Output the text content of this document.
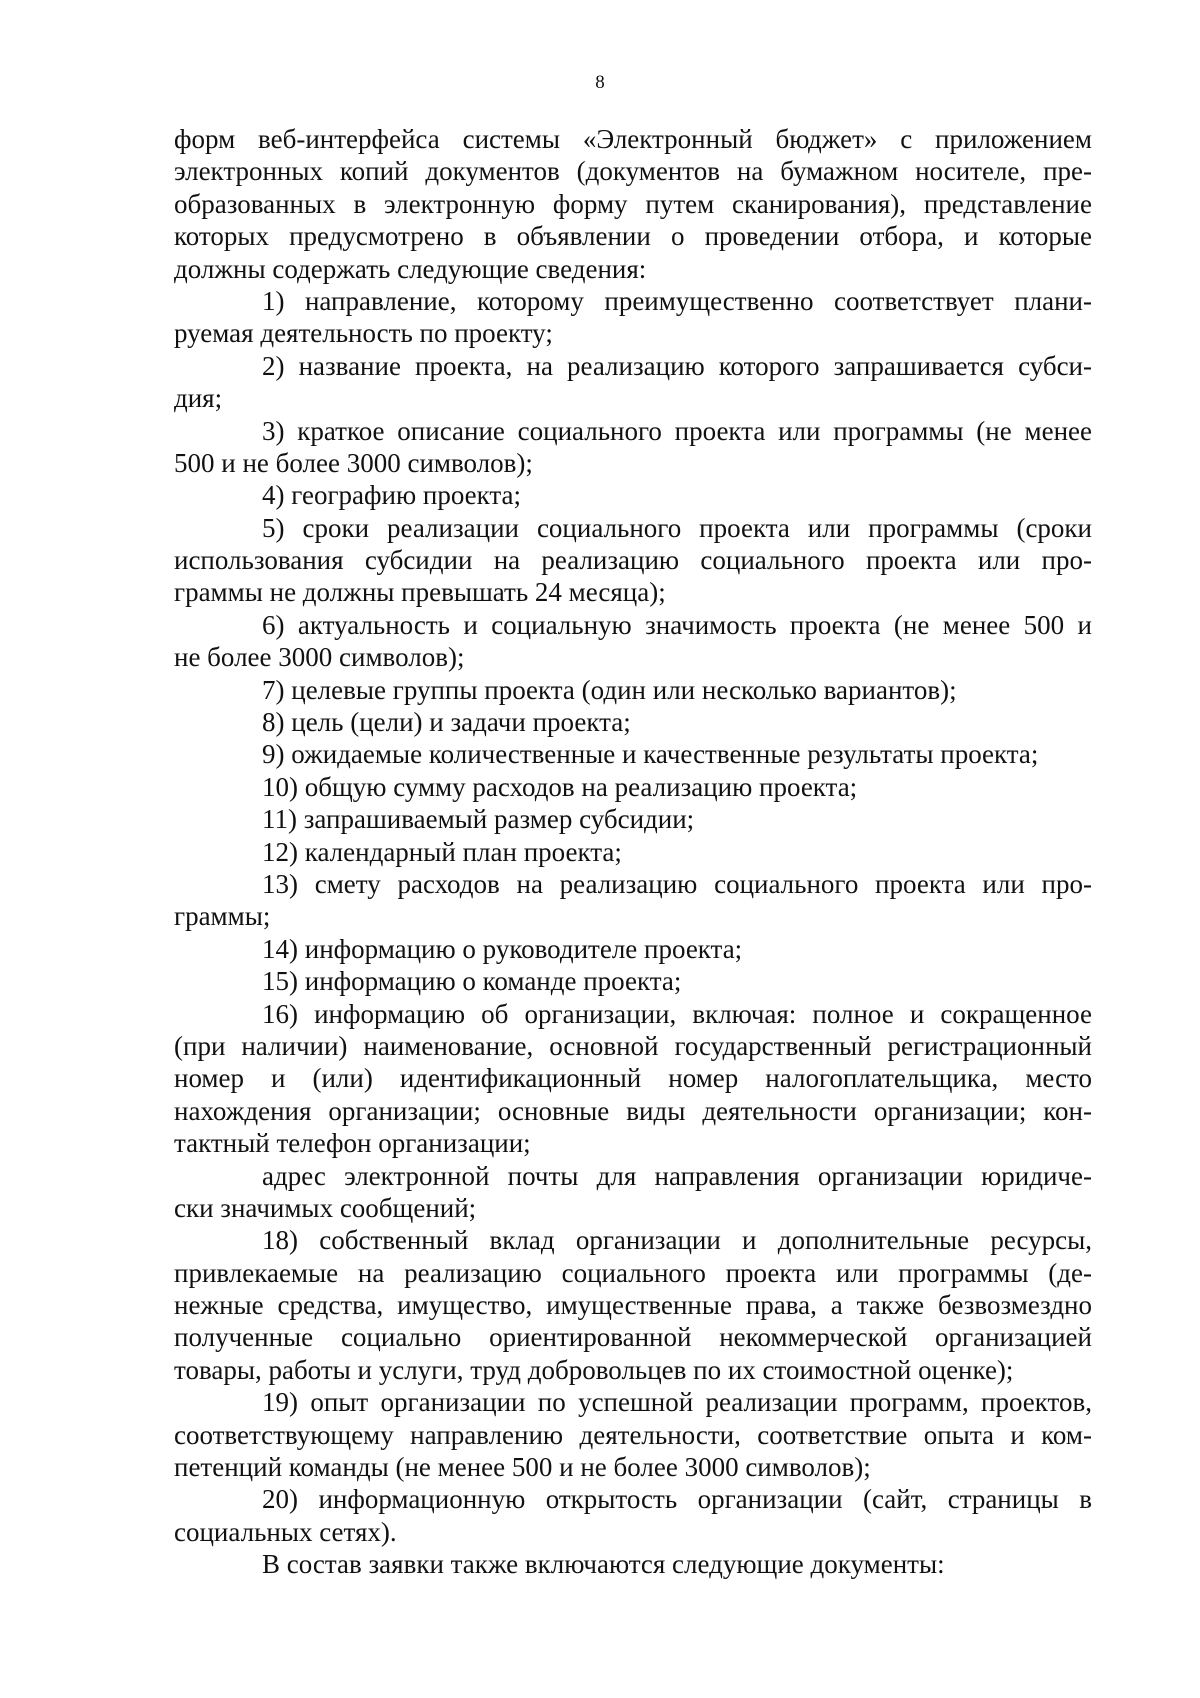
8
форм веб-интерфейса системы «Электронный бюджет» с приложением
электронных копий документов (документов на бумажном носителе, пре-
образованных в электронную форму путем сканирования), представление
которых предусмотрено в объявлении о проведении отбора, и которые
должны содержать следующие сведения:
1) направление, которому преимущественно соответствует плани-
руемая деятельность по проекту;
2) название проекта, на реализацию которого запрашивается субси-
дия;
3) краткое описание социального проекта или программы (не менее
500 и не более 3000 символов);
4) географию проекта;
5) сроки реализации социального проекта или программы (сроки
использования субсидии на реализацию социального проекта или про-
граммы не должны превышать 24 месяца);
6) актуальность и социальную значимость проекта (не менее 500 и
не более 3000 символов);
7) целевые группы проекта (один или несколько вариантов);
8) цель (цели) и задачи проекта;
9) ожидаемые количественные и качественные результаты проекта;
10) общую сумму расходов на реализацию проекта;
11) запрашиваемый размер субсидии;
12) календарный план проекта;
13) смету расходов на реализацию социального проекта или про-
граммы;
14) информацию о руководителе проекта;
15) информацию о команде проекта;
16) информацию об организации, включая: полное и сокращенное
(при наличии) наименование, основной государственный регистрационный
номер и (или) идентификационный номер налогоплательщика, место
нахождения организации; основные виды деятельности организации; кон-
тактный телефон организации;
адрес электронной почты для направления организации юридиче-
ски значимых сообщений;
18) собственный вклад организации и дополнительные ресурсы,
привлекаемые на реализацию социального проекта или программы (де-
нежные средства, имущество, имущественные права, а также безвозмездно
полученные социально ориентированной некоммерческой организацией
товары, работы и услуги, труд добровольцев по их стоимостной оценке);
19) опыт организации по успешной реализации программ, проектов,
соответствующему направлению деятельности, соответствие опыта и ком-
петенций команды (не менее 500 и не более 3000 символов);
20) информационную открытость организации (сайт, страницы в
социальных сетях).
В состав заявки также включаются следующие документы:
